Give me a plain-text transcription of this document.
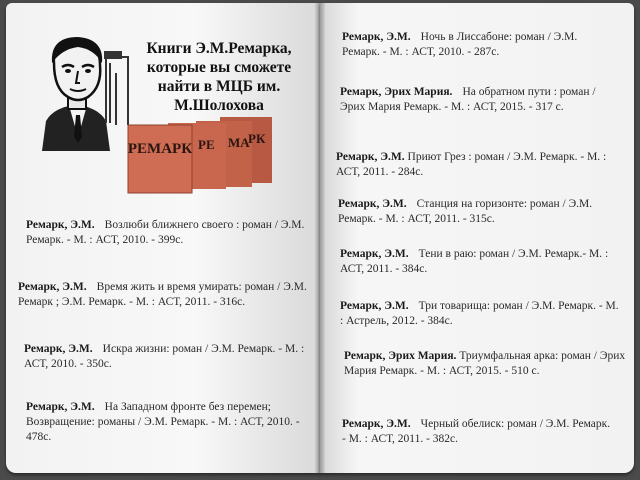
Книги Э.М.Ремарка, которые вы сможете найти в МЦБ им. М.Шолохова
РЕМАРК РЕ МА
РК

Ремарк, Э.М. Возлюби ближнего своего : роман / Э.М. Ремарк. - М. : АСТ, 2010. - 399с.

Ремарк, Э.М. Время жить и время умирать: роман / Э.М. Ремарк ; Э.М. Ремарк. - М. : АСТ, 2011. - 316с.

Ремарк, Э.М. Искра жизни: роман / Э.М. Ремарк. - М. : АСТ, 2010. - 350с.

Ремарк, Э.М. На Западном фронте без перемен; Возвращение: романы / Э.М. Ремарк. - М. : АСТ, 2010. - 478с.

Ремарк, Э.М. Ночь в Лиссабоне: роман / Э.М. Ремарк. - М. : АСТ, 2010. - 287с.

Ремарк, Эрих Мария. На обратном пути : роман / Эрих Мария Ремарк. - М. : АСТ, 2015. - 317 с.

Ремарк, Э.М. Приют Грез : роман / Э.М. Ремарк. - М. : АСТ, 2011. - 284с.

Ремарк, Э.М. Станция на горизонте: роман / Э.М. Ремарк. - М. : АСТ, 2011. - 315с.

Ремарк, Э.М. Тени в раю: роман / Э.М. Ремарк.- М. : АСТ, 2011. - 384с.

Ремарк, Э.М. Три товарища: роман / Э.М. Ремарк. - М. : Астрель, 2012. - 384с.

Ремарк, Эрих Мария. Триумфальная арка: роман / Эрих Мария Ремарк. - М. : АСТ, 2015. - 510 с.

Ремарк, Э.М. Черный обелиск: роман / Э.М. Ремарк. - М. : АСТ, 2011. - 382с.
